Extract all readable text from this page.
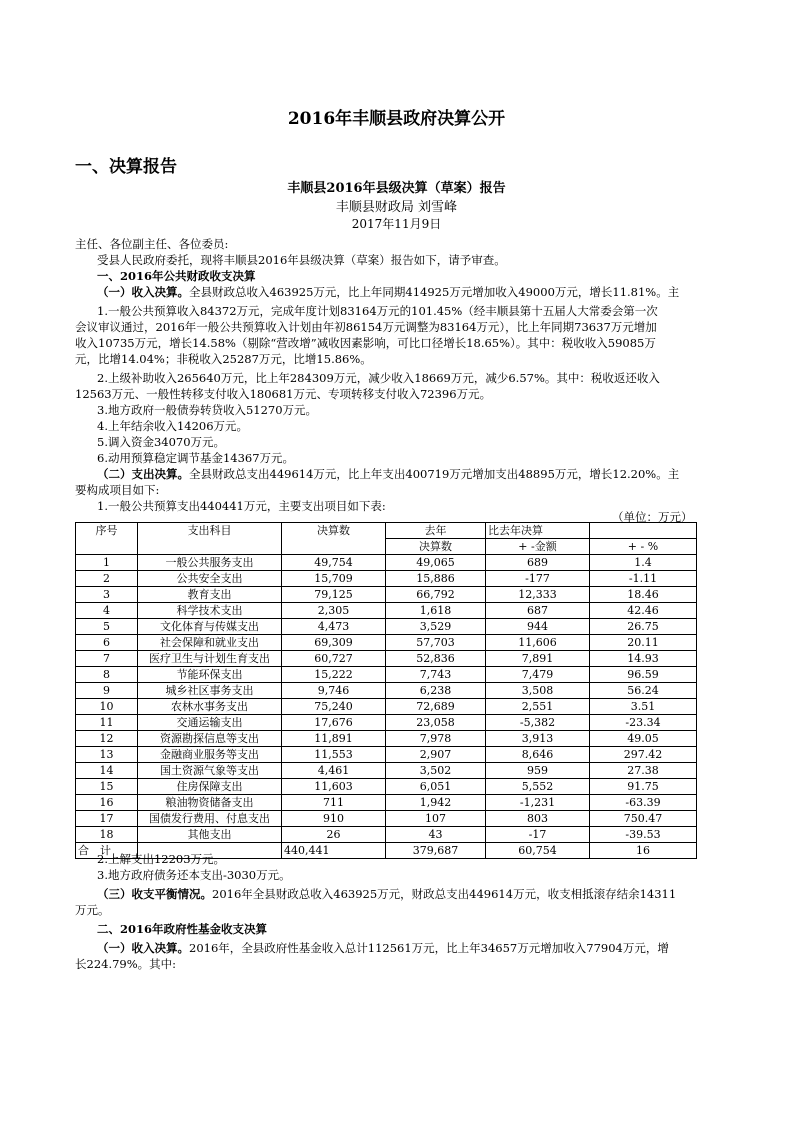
2016年丰顺县政府决算公开
一、决算报告
丰顺县2016年县级决算（草案）报告
丰顺县财政局 刘雪峰
2017年11月9日
主任、各位副主任、各位委员:
受县人民政府委托，现将丰顺县2016年县级决算（草案）报告如下，请予审查。
一、2016年公共财政收支决算
（一）收入决算。全县财政总收入463925万元，比上年同期414925万元增加收入49000万元，增长11.81%。主
1.一般公共预算收入84372万元，完成年度计划83164万元的101.45%（经丰顺县第十五届人大常委会第一次
会议审议通过，2016年一般公共预算收入计划由年初86154万元调整为83164万元），比上年同期73637万元增加
收入10735万元，增长14.58%（剔除“营改增”减收因素影响，可比口径增长18.65%）。其中：税收收入59085万
元，比增14.04%；非税收入25287万元，比增15.86%。
2.上级补助收入265640万元，比上年284309万元，减少收入18669万元，减少6.57%。其中：税收返还收入
12563万元、一般性转移支付收入180681万元、专项转移支付收入72396万元。
3.地方政府一般债券转贷收入51270万元。
4.上年结余收入14206万元。
5.调入资金34070万元。
6.动用预算稳定调节基金14367万元。
（二）支出决算。全县财政总支出449614万元，比上年支出400719万元增加支出48895万元，增长12.20%。主
要构成项目如下:
1.一般公共预算支出440441万元，主要支出项目如下表:
（单位：万元）
序号	支出科目	决算数	去年	比去年决算	
			决算数	+ -金额	+ - %
1	一般公共服务支出	49,754	49,065	689	1.4
2	公共安全支出	15,709	15,886	-177	-1.11
3	教育支出	79,125	66,792	12,333	18.46
4	科学技术支出	2,305	1,618	687	42.46
5	文化体育与传媒支出	4,473	3,529	944	26.75
6	社会保障和就业支出	69,309	57,703	11,606	20.11
7	医疗卫生与计划生育支出	60,727	52,836	7,891	14.93
8	节能环保支出	15,222	7,743	7,479	96.59
9	城乡社区事务支出	9,746	6,238	3,508	56.24
10	农林水事务支出	75,240	72,689	2,551	3.51
11	交通运输支出	17,676	23,058	-5,382	-23.34
12	资源勘探信息等支出	11,891	7,978	3,913	49.05
13	金融商业服务等支出	11,553	2,907	8,646	297.42
14	国土资源气象等支出	4,461	3,502	959	27.38
15	住房保障支出	11,603	6,051	5,552	91.75
16	粮油物资储备支出	711	1,942	-1,231	-63.39
17	国债发行费用、付息支出	910	107	803	750.47
18	其他支出	26	43	-17	-39.53
合　计		440,441	379,687	60,754	16
2.上解支出12203万元。
3.地方政府债务还本支出-3030万元。
（三）收支平衡情况。2016年全县财政总收入463925万元，财政总支出449614万元，收支相抵滚存结余14311
万元。
二、2016年政府性基金收支决算
（一）收入决算。2016年，全县政府性基金收入总计112561万元，比上年34657万元增加收入77904万元，增
长224.79%。其中:
